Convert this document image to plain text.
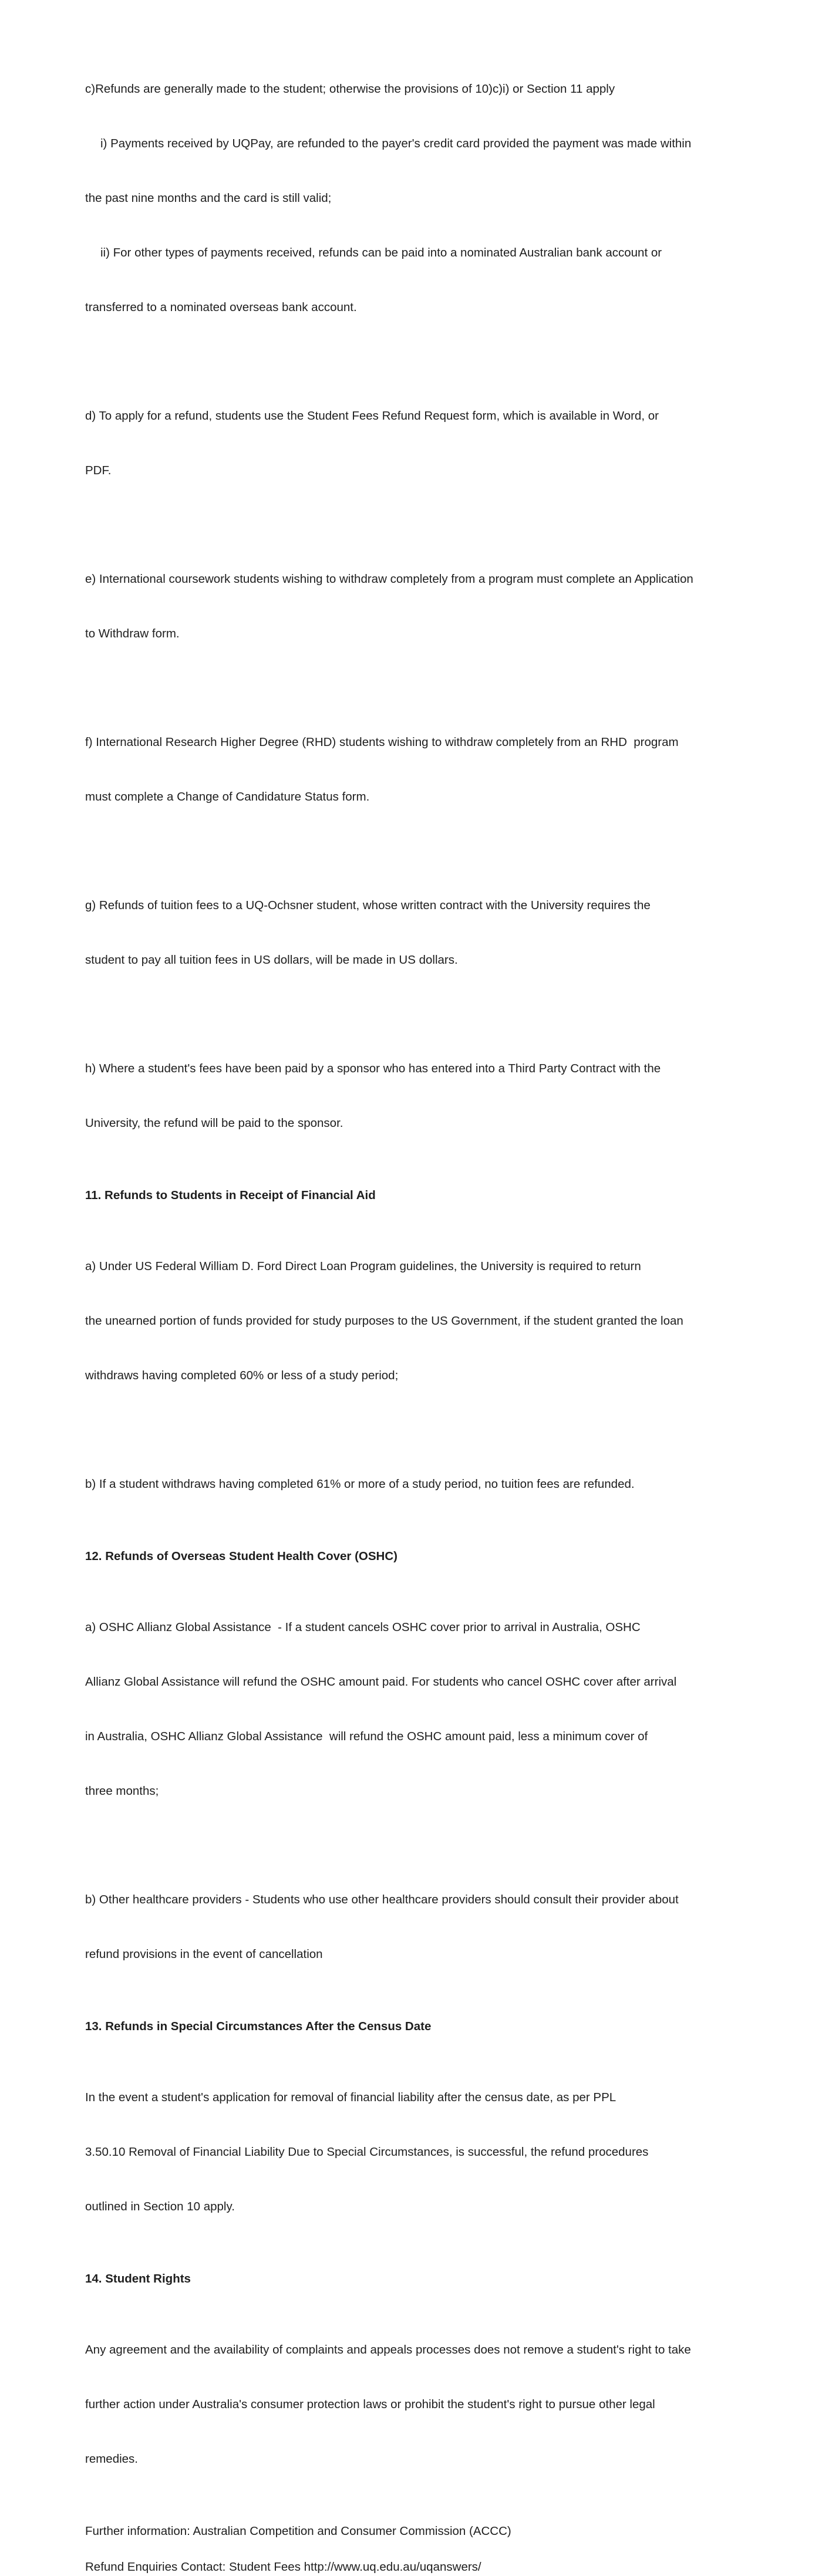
c)Refunds are generally made to the student; otherwise the provisions of 10)c)i) or Section 11 apply

i) Payments received by UQPay, are refunded to the payer's credit card provided the payment was made within

the past nine months and the card is still valid;

ii) For other types of payments received, refunds can be paid into a nominated Australian bank account or

transferred to a nominated overseas bank account.

d) To apply for a refund, students use the Student Fees Refund Request form, which is available in Word, or

PDF.

e) International coursework students wishing to withdraw completely from a program must complete an Application

to Withdraw form.

f) International Research Higher Degree (RHD) students wishing to withdraw completely from an RHD  program

must complete a Change of Candidature Status form.

g) Refunds of tuition fees to a UQ-Ochsner student, whose written contract with the University requires the

student to pay all tuition fees in US dollars, will be made in US dollars.

h) Where a student's fees have been paid by a sponsor who has entered into a Third Party Contract with the

University, the refund will be paid to the sponsor.

11. Refunds to Students in Receipt of Financial Aid

a) Under US Federal William D. Ford Direct Loan Program guidelines, the University is required to return

the unearned portion of funds provided for study purposes to the US Government, if the student granted the loan

withdraws having completed 60% or less of a study period;

b) If a student withdraws having completed 61% or more of a study period, no tuition fees are refunded.

12. Refunds of Overseas Student Health Cover (OSHC)

a) OSHC Allianz Global Assistance  - If a student cancels OSHC cover prior to arrival in Australia, OSHC

Allianz Global Assistance will refund the OSHC amount paid. For students who cancel OSHC cover after arrival

in Australia, OSHC Allianz Global Assistance  will refund the OSHC amount paid, less a minimum cover of

three months;

b) Other healthcare providers - Students who use other healthcare providers should consult their provider about

refund provisions in the event of cancellation

13. Refunds in Special Circumstances After the Census Date

In the event a student's application for removal of financial liability after the census date, as per PPL

3.50.10 Removal of Financial Liability Due to Special Circumstances, is successful, the refund procedures

outlined in Section 10 apply.

14. Student Rights

Any agreement and the availability of complaints and appeals processes does not remove a student's right to take

further action under Australia's consumer protection laws or prohibit the student's right to pursue other legal

remedies.

Further information: Australian Competition and Consumer Commission (ACCC)

Refund Enquiries Contact: Student Fees http://www.uq.edu.au/uqanswers/
